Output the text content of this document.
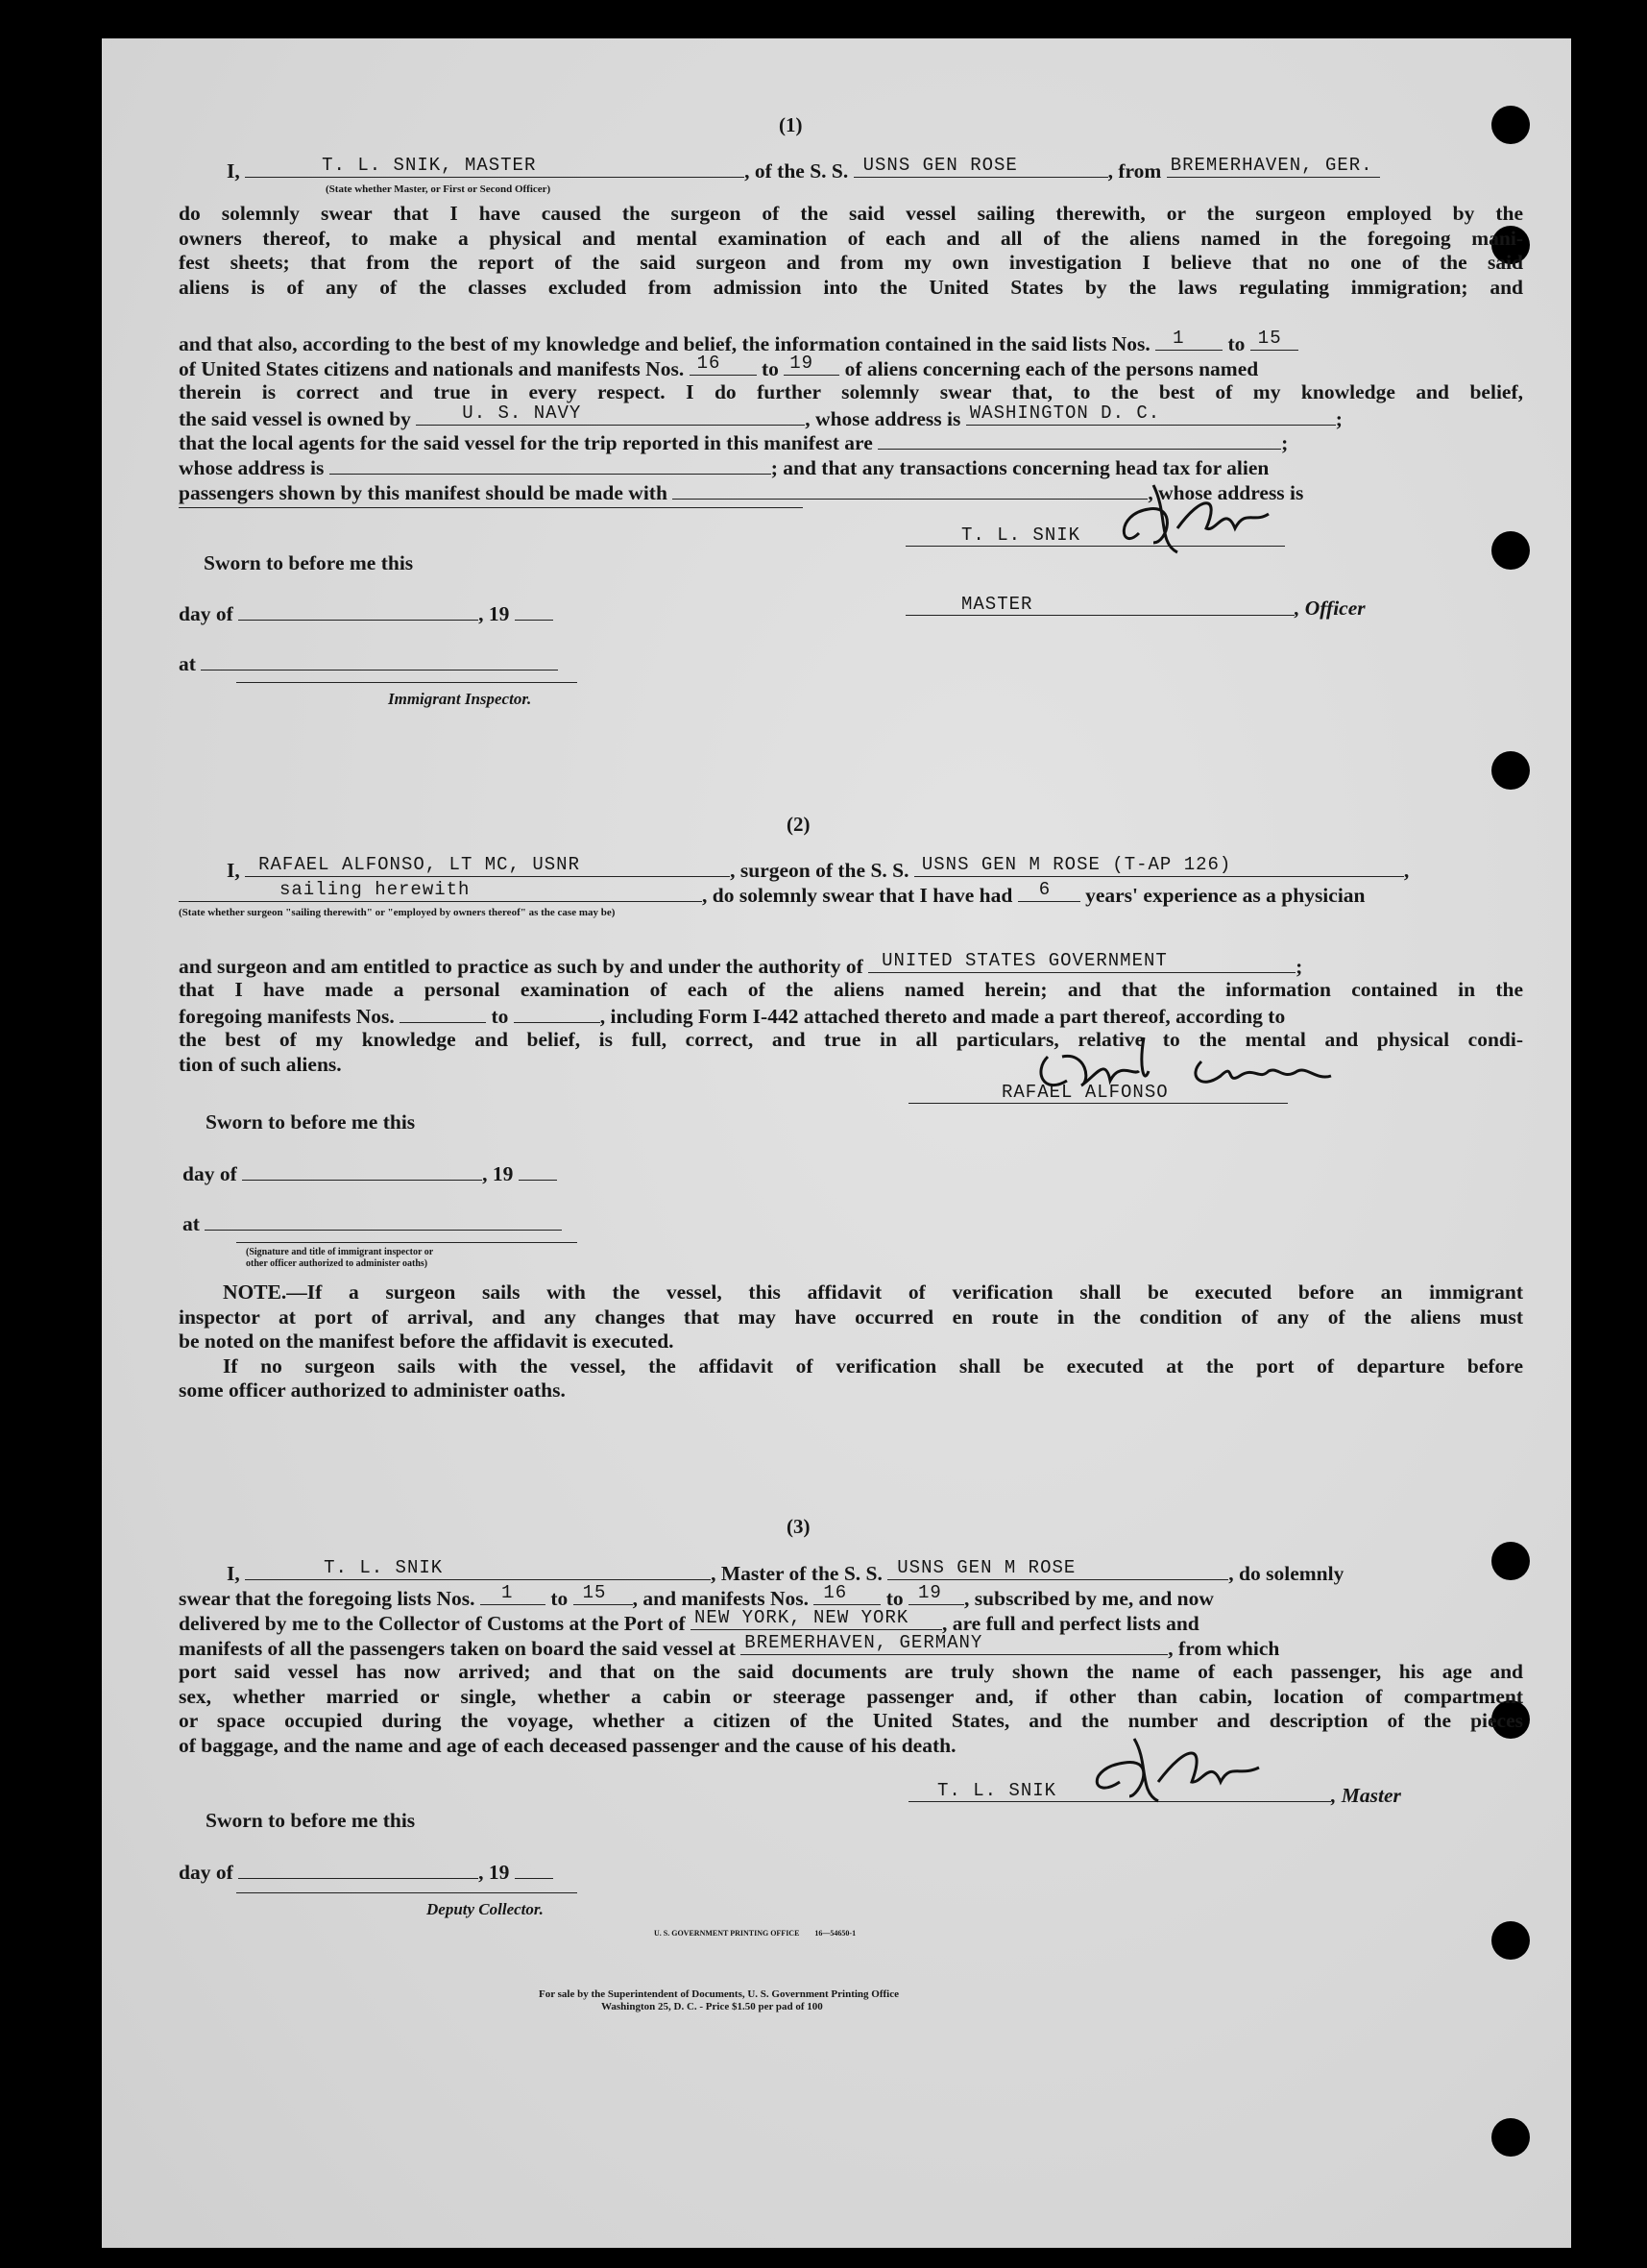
(1)
I,	T. L. SNIK, MASTER	, of the S. S. USNS GEN ROSE	, from BREMERHAVEN, GER.
(State whether Master, or First or Second Officer)
do solemnly swear that I have caused the surgeon of the said vessel sailing therewith, or the surgeon employed by the
owners thereof, to make a physical and mental examination of each and all of the aliens named in the foregoing mani-
fest sheets; that from the report of the said surgeon and from my own investigation I believe that no one of the said
aliens is of any of the classes excluded from admission into the United States by the laws regulating immigration; and
and that also, according to the best of my knowledge and belief, the information contained in the said lists Nos. 1 to 15
of United States citizens and nationals and manifests Nos. 16 to 19 of aliens concerning each of the persons named
therein is correct and true in every respect. I do further solemnly swear that, to the best of my knowledge and belief,
the said vessel is owned by	U. S. NAVY	, whose address is WASHINGTON D. C.	;
that the local agents for the said vessel for the trip reported in this manifest are	;
whose address is	; and that any transactions concerning head tax for alien
passengers shown by this manifest should be made with	, whose address is
Sworn to before me this
day of	, 19
at
Immigrant Inspector.
T. L. SNIK
MASTER	, Officer
(2)
I, RAFAEL ALFONSO, LT MC, USNR	, surgeon of the S. S. USNS GEN M ROSE (T-AP 126)	,
sailing herewith	, do solemnly swear that I have had 6 years' experience as a physician
(State whether surgeon "sailing therewith" or "employed by owners thereof" as the case may be)
and surgeon and am entitled to practice as such by and under the authority of UNITED STATES GOVERNMENT	;
that I have made a personal examination of each of the aliens named herein; and that the information contained in the
foregoing manifests Nos.	to	, including Form I-442 attached thereto and made a part thereof, according to
the best of my knowledge and belief, is full, correct, and true in all particulars, relative to the mental and physical condi-
tion of such aliens.
Sworn to before me this
day of	, 19
at
(Signature and title of immigrant inspector or
other officer authorized to administer oaths)
RAFAEL ALFONSO
NOTE.—If a surgeon sails with the vessel, this affidavit of verification shall be executed before an immigrant
inspector at port of arrival, and any changes that may have occurred en route in the condition of any of the aliens must
be noted on the manifest before the affidavit is executed.
If no surgeon sails with the vessel, the affidavit of verification shall be executed at the port of departure before
some officer authorized to administer oaths.
(3)
I,	T. L. SNIK	, Master of the S. S. USNS GEN M ROSE	, do solemnly
swear that the foregoing lists Nos. 1 to 15 , and manifests Nos. 16 to 19 , subscribed by me, and now
delivered by me to the Collector of Customs at the Port of NEW YORK, NEW YORK , are full and perfect lists and
manifests of all the passengers taken on board the said vessel at BREMERHAVEN, GERMANY	, from which
port said vessel has now arrived; and that on the said documents are truly shown the name of each passenger, his age and
sex, whether married or single, whether a cabin or steerage passenger and, if other than cabin, location of compartment
or space occupied during the voyage, whether a citizen of the United States, and the number and description of the pieces
of baggage, and the name and age of each deceased passenger and the cause of his death.
Sworn to before me this
day of	, 19
Deputy Collector.
T. L. SNIK	, Master
U. S. GOVERNMENT PRINTING OFFICE 16—54650-1
For sale by the Superintendent of Documents, U. S. Government Printing Office
Washington 25, D. C. - Price $1.50 per pad of 100
